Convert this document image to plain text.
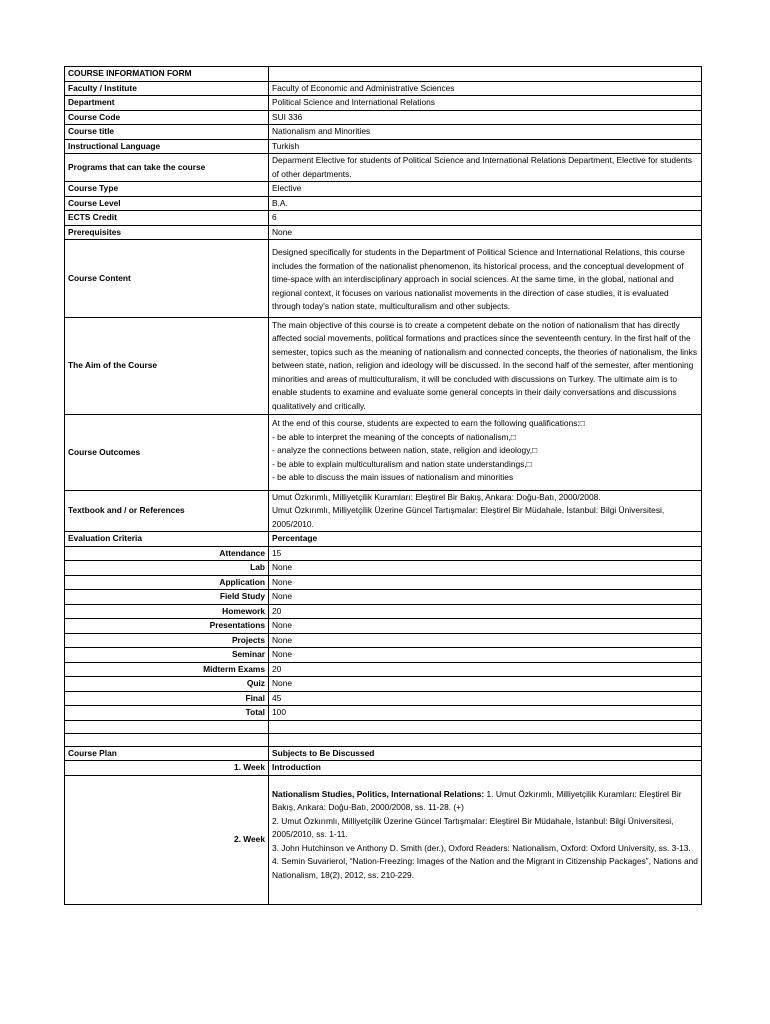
COURSE INFORMATION FORM	
Faculty / Institute	Faculty of Economic and Administrative Sciences
Department	Political Science and International Relations
Course Code	SUI 336
Course title	Nationalism and Minorities
Instructional Language	Turkish
Programs that can take the course	Deparment Elective for students of Political Science and International Relations Department, Elective for students of other departments.
Course Type	Elective
Course Level	B.A.
ECTS Credit	6
Prerequisites	None
Course Content	Designed specifically for students in the Department of Political Science and International Relations, this course includes the formation of the nationalist phenomenon, its historical process, and the conceptual development of time-space with an interdisciplinary approach in social sciences. At the same time, in the global, national and regional context, it focuses on various nationalist movements in the direction of case studies, it is evaluated through today's nation state, multiculturalism and other subjects.
The Aim of the Course	The main objective of this course is to create a competent debate on the notion of nationalism that has directly affected social movements, political formations and practices since the seventeenth century. In the first half of the semester, topics such as the meaning of nationalism and connected concepts, the theories of nationalism, the links between state, nation, religion and ideology will be discussed. In the second half of the semester, after mentioning minorities and areas of multiculturalism, it will be concluded with discussions on Turkey. The ultimate aim is to enable students to examine and evaluate some general concepts in their daily conversations and discussions qualitatively and critically.
Course Outcomes	At the end of this course, students are expected to earn the following qualifications:□
- be able to interpret the meaning of the concepts of nationalism,□
- analyze the connections between nation, state, religion and ideology,□
- be able to explain multiculturalism and nation state understandings,□
- be able to discuss the main issues of nationalism and minorities

Textbook and / or References	Umut Özkırımlı, Milliyetçilik Kuramları: Eleştirel Bir Bakış, Ankara: Doğu-Batı, 2000/2008.
Umut Özkırımlı, Milliyetçilik Üzerine Güncel Tartışmalar: Eleştirel Bir Müdahale, İstanbul: Bilgi Üniversitesi, 2005/2010.

Evaluation Criteria	Percentage
Attendance	15
Lab	None
Application	None
Field Study	None
Homework	20
Presentations	None
Projects	None
Seminar	None
Midterm Exams	20
Quiz	None
Final	45
Total	100

Course Plan	Subjects to Be Discussed
1. Week	Introduction
2. Week	Nationalism Studies, Politics, International Relations: 1. Umut Özkırımlı, Milliyetçilik Kuramları: Eleştirel Bir Bakış, Ankara: Doğu-Batı, 2000/2008, ss. 11-28. (+)
2. Umut Özkırımlı, Milliyetçilik Üzerine Güncel Tartışmalar: Eleştirel Bir Müdahale, İstanbul: Bilgi Üniversitesi, 2005/2010, ss. 1-11.
3. John Hutchinson ve Anthony D. Smith (der.), Oxford Readers: Nationalism, Oxford: Oxford University, ss. 3-13.
4. Semin Suvarierol, “Nation-Freezing: Images of the Nation and the Migrant in Citizenship Packages”, Nations and Nationalism, 18(2), 2012, ss. 210-229.
